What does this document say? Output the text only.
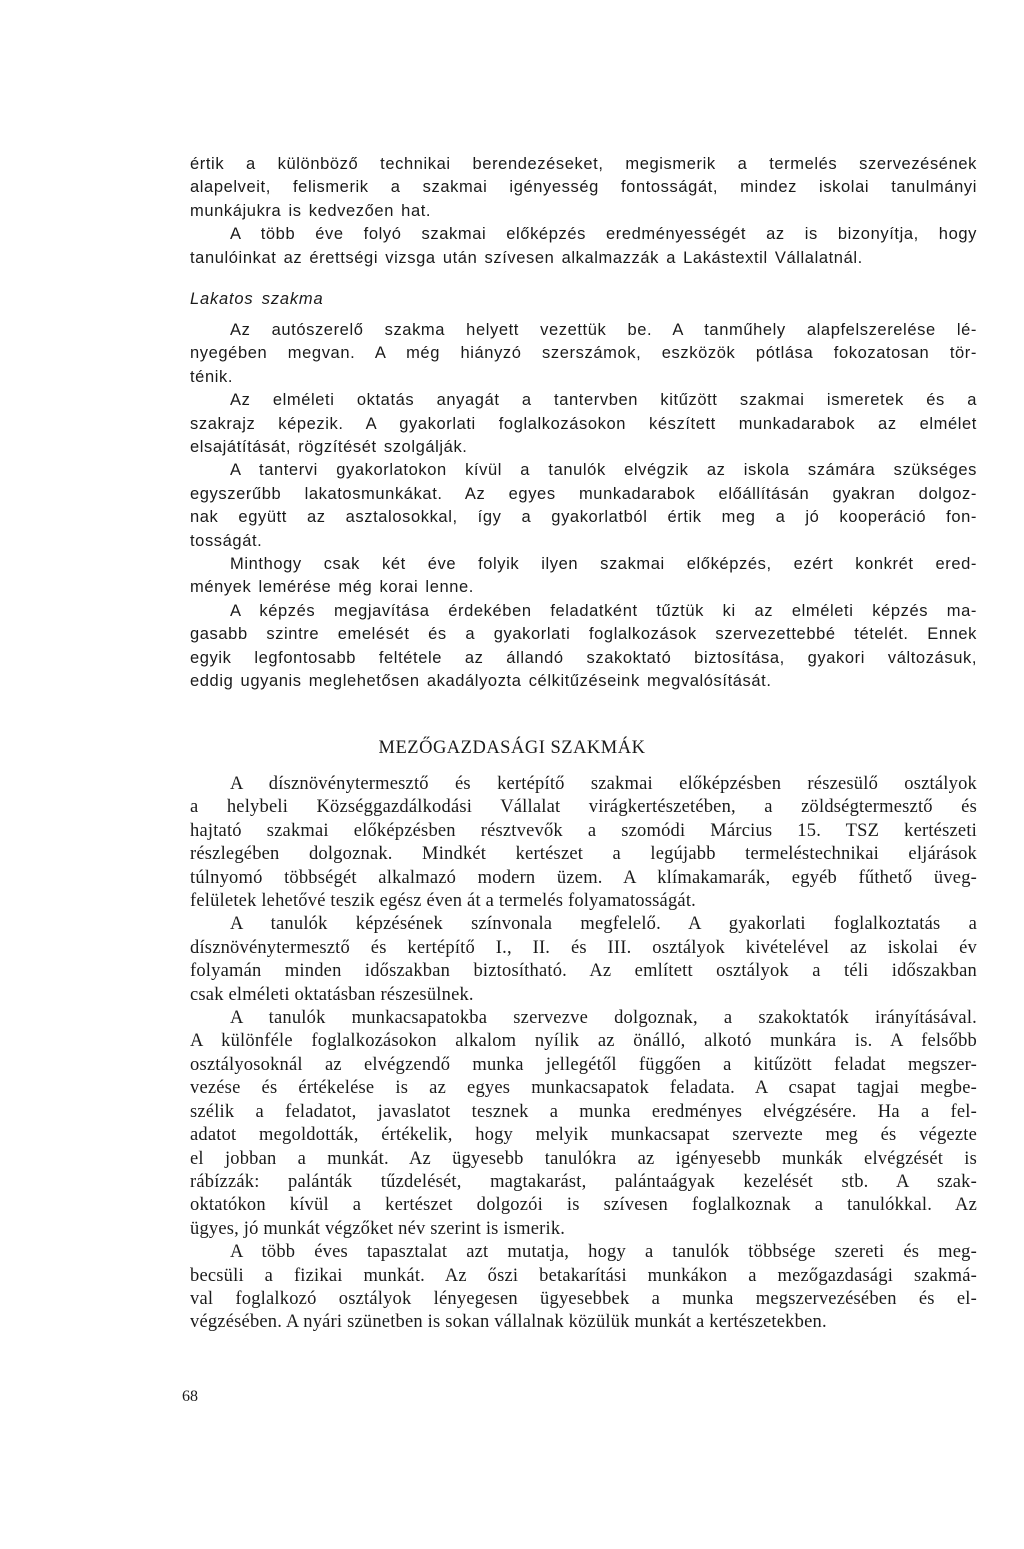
értik a különböző technikai berendezéseket, megismerik a termelés szervezésének
alapelveit, felismerik a szakmai igényesség fontosságát, mindez iskolai tanulmányi
munkájukra is kedvezően hat.
A több éve folyó szakmai előképzés eredményességét az is bizonyítja, hogy
tanulóinkat az érettségi vizsga után szívesen alkalmazzák a Lakástextil Vállalatnál.
Lakatos szakma
Az autószerelő szakma helyett vezettük be. A tanműhely alapfelszerelése lé-
nyegében megvan. A még hiányzó szerszámok, eszközök pótlása fokozatosan tör-
ténik.
Az elméleti oktatás anyagát a tantervben kitűzött szakmai ismeretek és a
szakrajz képezik. A gyakorlati foglalkozásokon készített munkadarabok az elmélet
elsajátítását, rögzítését szolgálják.
A tantervi gyakorlatokon kívül a tanulók elvégzik az iskola számára szükséges
egyszerűbb lakatosmunkákat. Az egyes munkadarabok előállításán gyakran dolgoz-
nak együtt az asztalosokkal, így a gyakorlatból értik meg a jó kooperáció fon-
tosságát.
Minthogy csak két éve folyik ilyen szakmai előképzés, ezért konkrét ered-
mények lemérése még korai lenne.
A képzés megjavítása érdekében feladatként tűztük ki az elméleti képzés ma-
gasabb szintre emelését és a gyakorlati foglalkozások szervezettebbé tételét. Ennek
egyik legfontosabb feltétele az állandó szakoktató biztosítása, gyakori változásuk,
eddig ugyanis meglehetősen akadályozta célkitűzéseink megvalósítását.
MEZŐGAZDASÁGI SZAKMÁK
A dísznövénytermesztő és kertépítő szakmai előképzésben részesülő osztályok
a helybeli Községgazdálkodási Vállalat virágkertészetében, a zöldségtermesztő és
hajtató szakmai előképzésben résztvevők a szomódi Március 15. TSZ kertészeti
részlegében dolgoznak. Mindkét kertészet a legújabb termeléstechnikai eljárások
túlnyomó többségét alkalmazó modern üzem. A klímakamarák, egyéb fűthető üveg-
felületek lehetővé teszik egész éven át a termelés folyamatosságát.
A tanulók képzésének színvonala megfelelő. A gyakorlati foglalkoztatás a
dísznövénytermesztő és kertépítő I., II. és III. osztályok kivételével az iskolai év
folyamán minden időszakban biztosítható. Az említett osztályok a téli időszakban
csak elméleti oktatásban részesülnek.
A tanulók munkacsapatokba szervezve dolgoznak, a szakoktatók irányításával.
A különféle foglalkozásokon alkalom nyílik az önálló, alkotó munkára is. A felsőbb
osztályosoknál az elvégzendő munka jellegétől függően a kitűzött feladat megszer-
vezése és értékelése is az egyes munkacsapatok feladata. A csapat tagjai megbe-
szélik a feladatot, javaslatot tesznek a munka eredményes elvégzésére. Ha a fel-
adatot megoldották, értékelik, hogy melyik munkacsapat szervezte meg és végezte
el jobban a munkát. Az ügyesebb tanulókra az igényesebb munkák elvégzését is
rábízzák: palánták tűzdelését, magtakarást, palántaágyak kezelését stb. A szak-
oktatókon kívül a kertészet dolgozói is szívesen foglalkoznak a tanulókkal. Az
ügyes, jó munkát végzőket név szerint is ismerik.
A több éves tapasztalat azt mutatja, hogy a tanulók többsége szereti és meg-
becsüli a fizikai munkát. Az őszi betakarítási munkákon a mezőgazdasági szakmá-
val foglalkozó osztályok lényegesen ügyesebbek a munka megszervezésében és el-
végzésében. A nyári szünetben is sokan vállalnak közülük munkát a kertészetekben.
68
